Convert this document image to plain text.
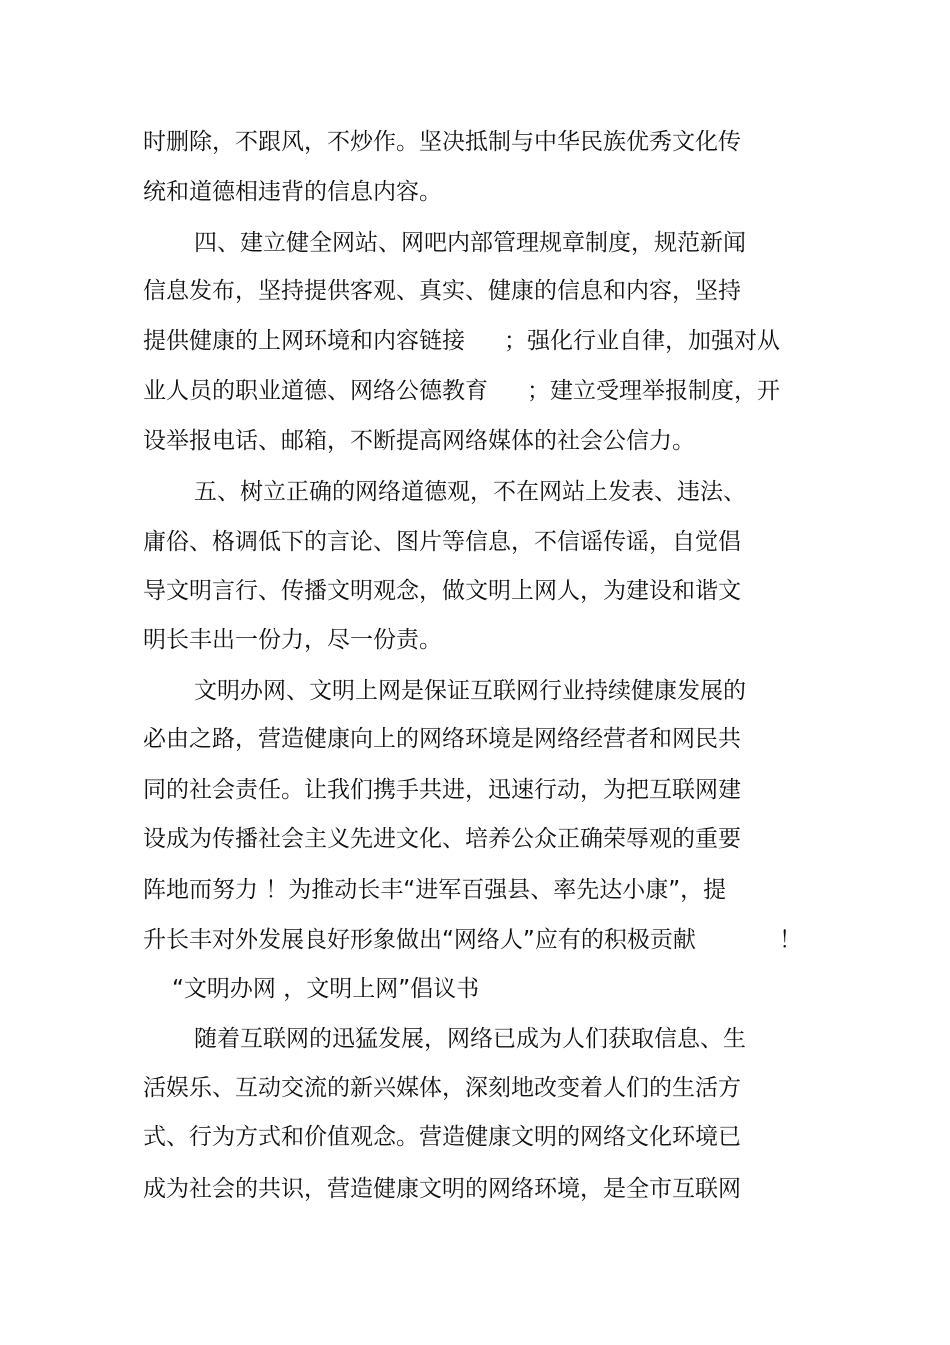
时删除，不跟风，不炒作。坚决抵制与中华民族优秀文化传
统和道德相违背的信息内容。
四、建立健全网站、网吧内部管理规章制度，规范新闻
信息发布，坚持提供客观、真实、健康的信息和内容，坚持
提供健康的上网环境和内容链接 ；强化行业自律，加强对从
业人员的职业道德、网络公德教育 ；建立受理举报制度，开
设举报电话、邮箱，不断提高网络媒体的社会公信力。
五、树立正确的网络道德观，不在网站上发表、违法、
庸俗、格调低下的言论、图片等信息，不信谣传谣，自觉倡
导文明言行、传播文明观念，做文明上网人，为建设和谐文
明长丰出一份力，尽一份责。
文明办网、文明上网是保证互联网行业持续健康发展的
必由之路，营造健康向上的网络环境是网络经营者和网民共
同的社会责任。让我们携手共进，迅速行动，为把互联网建
设成为传播社会主义先进文化、培养公众正确荣辱观的重要
阵地而努力 ！为推动长丰“进军百强县、率先达小康”，提
升长丰对外发展良好形象做出“网络人”应有的积极贡献	！
“文明办网 ，文明上网”倡议书
随着互联网的迅猛发展，网络已成为人们获取信息、生
活娱乐、互动交流的新兴媒体，深刻地改变着人们的生活方
式、行为方式和价值观念。营造健康文明的网络文化环境已
成为社会的共识，营造健康文明的网络环境，是全市互联网
